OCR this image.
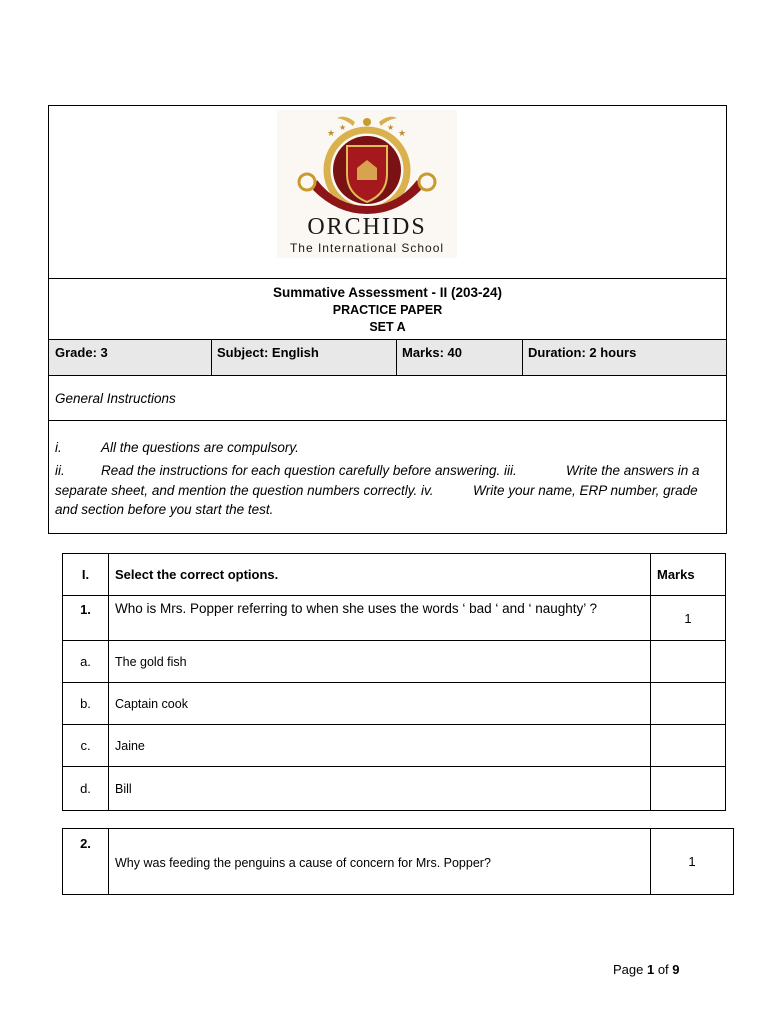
★	★
★	★
ORCHIDS
The International School
Summative Assessment - II (203-24)
PRACTICE PAPER
SET A
Grade: 3	Subject: English	Marks: 40	Duration: 2 hours
General Instructions
i.	All the questions are compulsory.
ii.	Read the instructions for each question carefully before answering. iii.	Write the answers in a
separate sheet, and mention the question numbers correctly. iv.	Write your name, ERP number, grade
and section before you start the test.
I.	Select the correct options.	Marks
1.	Who is Mrs. Popper referring to when she uses the words ‘ bad ‘ and ‘ naughty’ ?	1
a.	The gold fish	
b.	Captain cook	
c.	Jaine	
d.	Bill	
2.	Why was feeding the penguins a cause of concern for Mrs. Popper?	1
Page 1 of 9
